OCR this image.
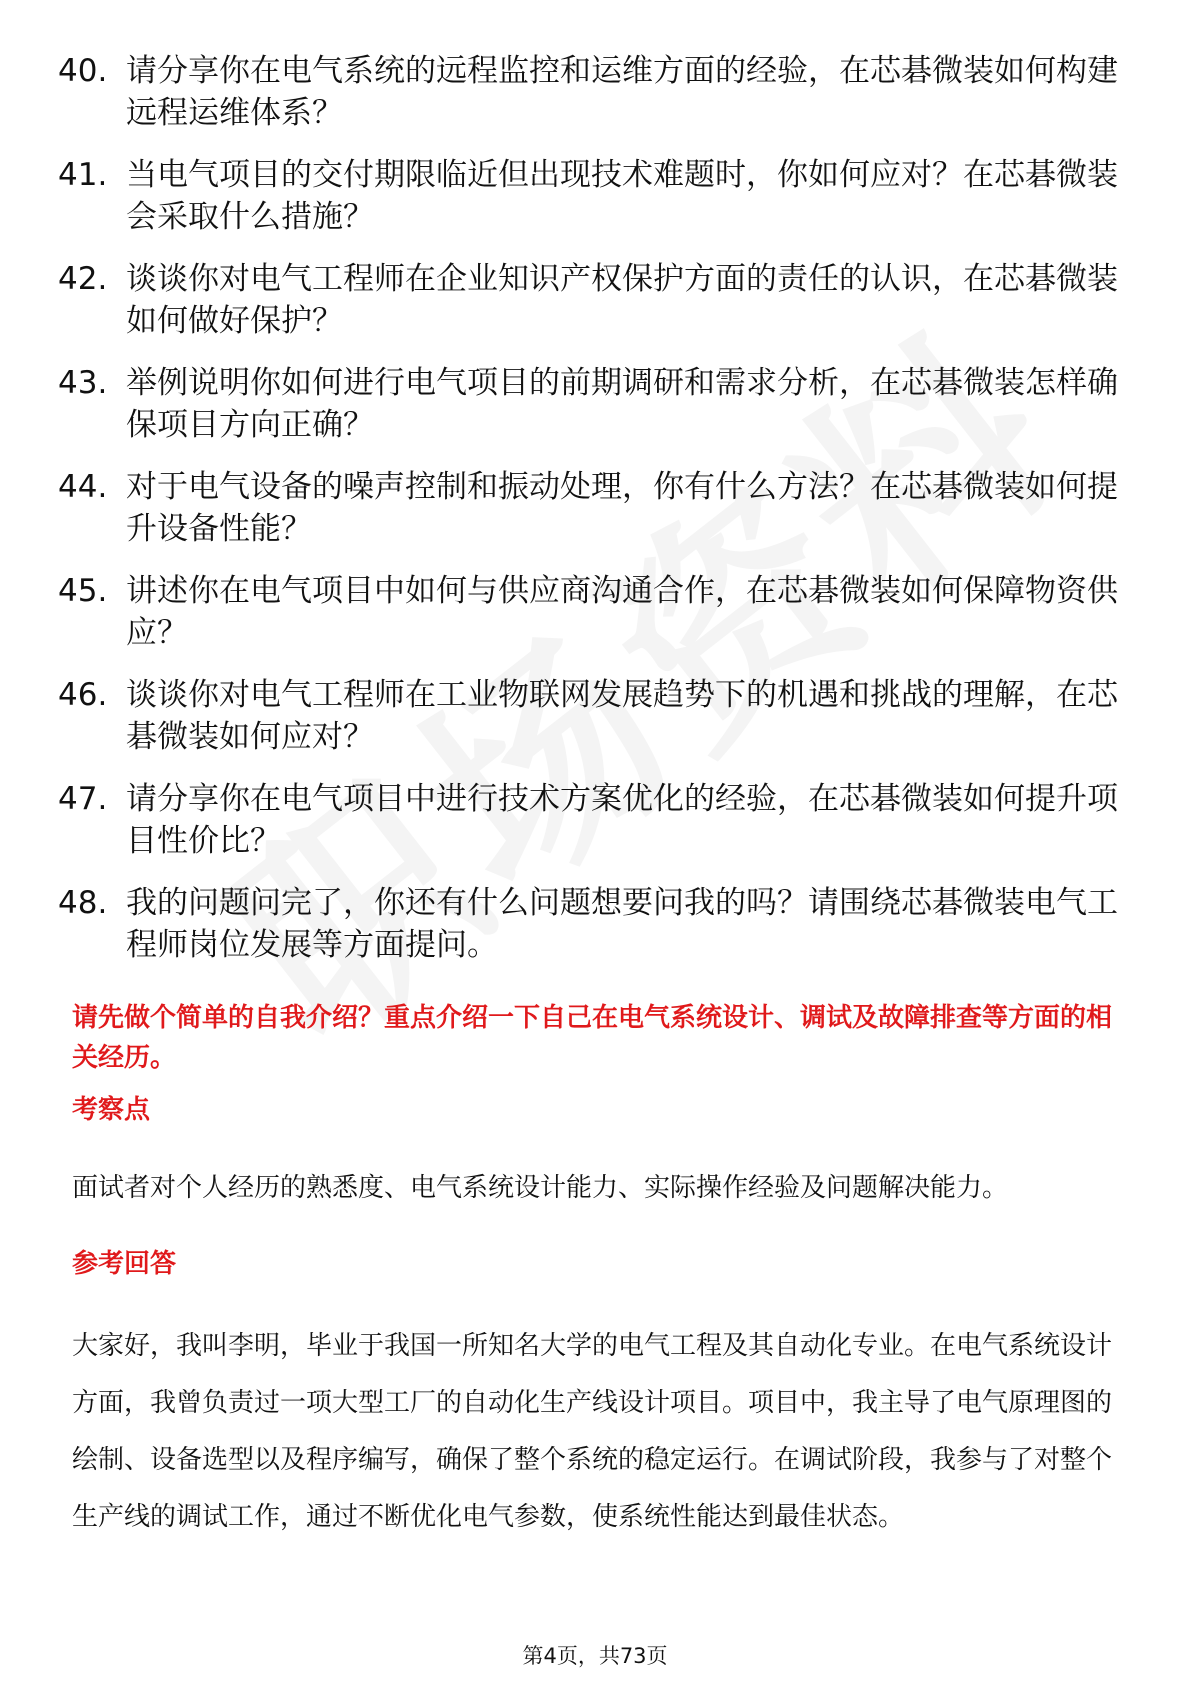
40. 请分享你在电气系统的远程监控和运维方面的经验，在芯碁微装如何构建远程运维体系？
41. 当电气项目的交付期限临近但出现技术难题时，你如何应对？在芯碁微装会采取什么措施？
42. 谈谈你对电气工程师在企业知识产权保护方面的责任的认识，在芯碁微装如何做好保护？
43. 举例说明你如何进行电气项目的前期调研和需求分析，在芯碁微装怎样确保项目方向正确？
44. 对于电气设备的噪声控制和振动处理，你有什么方法？在芯碁微装如何提升设备性能？
45. 讲述你在电气项目中如何与供应商沟通合作，在芯碁微装如何保障物资供应？
46. 谈谈你对电气工程师在工业物联网发展趋势下的机遇和挑战的理解，在芯碁微装如何应对？
47. 请分享你在电气项目中进行技术方案优化的经验，在芯碁微装如何提升项目性价比？
48. 我的问题问完了，你还有什么问题想要问我的吗？请围绕芯碁微装电气工程师岗位发展等方面提问。
请先做个简单的自我介绍？重点介绍一下自己在电气系统设计、调试及故障排查等方面的相关经历。
考察点
面试者对个人经历的熟悉度、电气系统设计能力、实际操作经验及问题解决能力。
参考回答
大家好，我叫李明，毕业于我国一所知名大学的电气工程及其自动化专业。在电气系统设计方面，我曾负责过一项大型工厂的自动化生产线设计项目。项目中，我主导了电气原理图的绘制、设备选型以及程序编写，确保了整个系统的稳定运行。在调试阶段，我参与了对整个生产线的调试工作，通过不断优化电气参数，使系统性能达到最佳状态。
第4页，共73页
